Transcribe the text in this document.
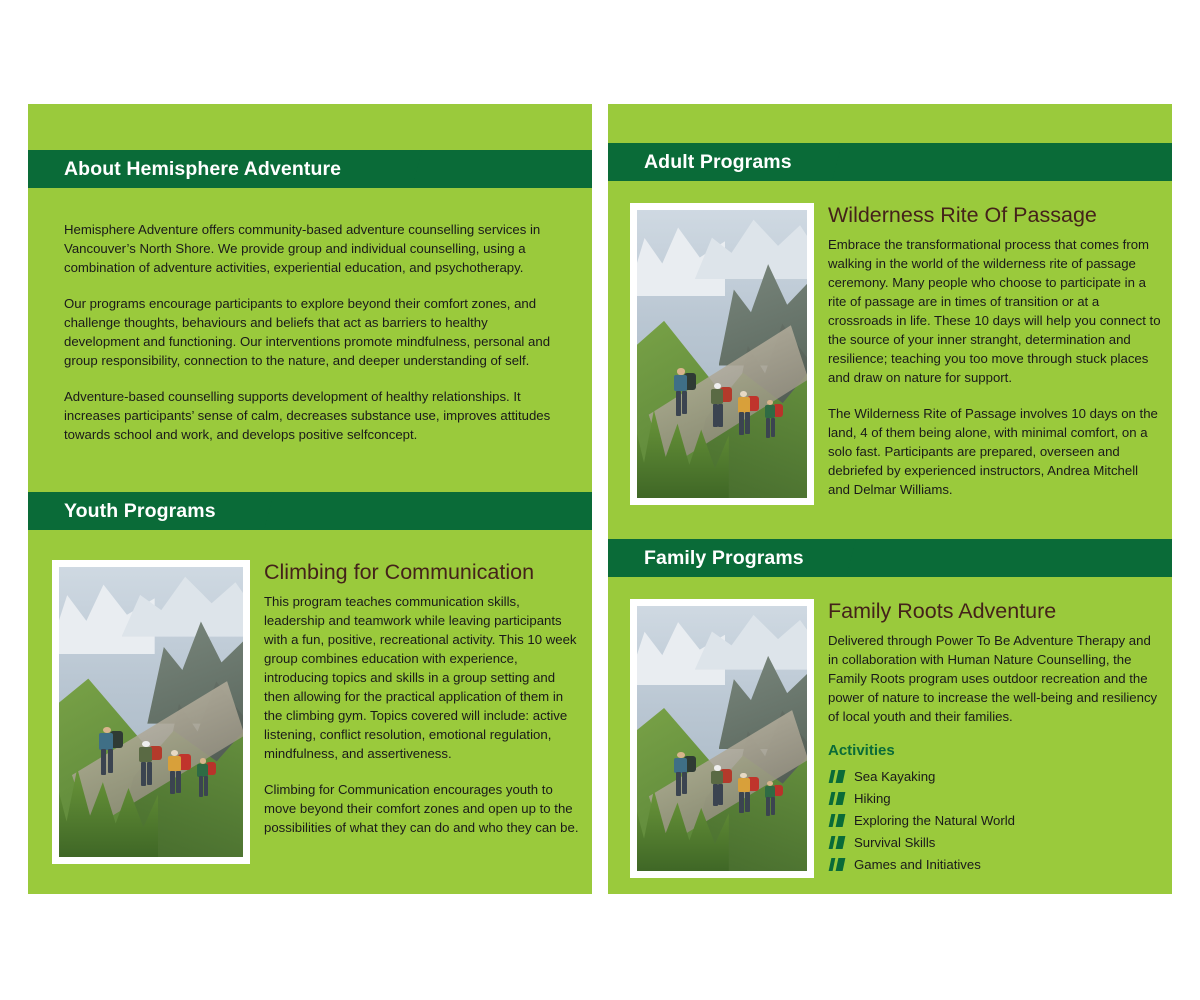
About Hemisphere Adventure

Hemisphere Adventure offers community-based adventure counselling services in Vancouver’s North Shore. We provide group and individual counselling, using a combination of adventure activities, experiential education, and psychotherapy.

Our programs encourage participants to explore beyond their comfort zones, and challenge thoughts, behaviours and beliefs that act as barriers to healthy development and functioning. Our interventions promote mindfulness, personal and group responsibility, connection to the nature, and deeper understanding of self.

Adventure-based counselling supports development of healthy relationships. It increases participants’ sense of calm, decreases substance use, improves attitudes towards school and work, and develops positive selfconcept.

Youth Programs
Climbing for Communication

This program teaches communication skills, leadership and teamwork while leaving participants with a fun, positive, recreational activity. This 10 week group combines education with experience, introducing topics and skills in a group setting and then allowing for the practical application of them in the climbing gym. Topics covered will include: active listening, conflict resolution, emotional regulation, mindfulness, and assertiveness.

Climbing for Communication encourages youth to move beyond their comfort zones and open up to the possibilities of what they can do and who they can be.

Adult Programs
Wilderness Rite Of Passage

Embrace the transformational process that comes from walking in the world of the wilderness rite of passage ceremony. Many people who choose to participate in a rite of passage are in times of transition or at a crossroads in life. These 10 days will help you connect to the source of your inner stranght, determination and resilience; teaching you too move through stuck places and draw on nature for support.

The Wilderness Rite of Passage involves 10 days on the land, 4 of them being alone, with minimal comfort, on a solo fast. Participants are prepared, overseen and debriefed by experienced instructors, Andrea Mitchell and Delmar Williams.

Family Programs
Family Roots Adventure

Delivered through Power To Be Adventure Therapy and in collaboration with Human Nature Counselling, the Family Roots program uses outdoor recreation and the power of nature to increase the well-being and resiliency of local youth and their families.

Activities
Sea Kayaking
Hiking
Exploring the Natural World
Survival Skills
Games and Initiatives
